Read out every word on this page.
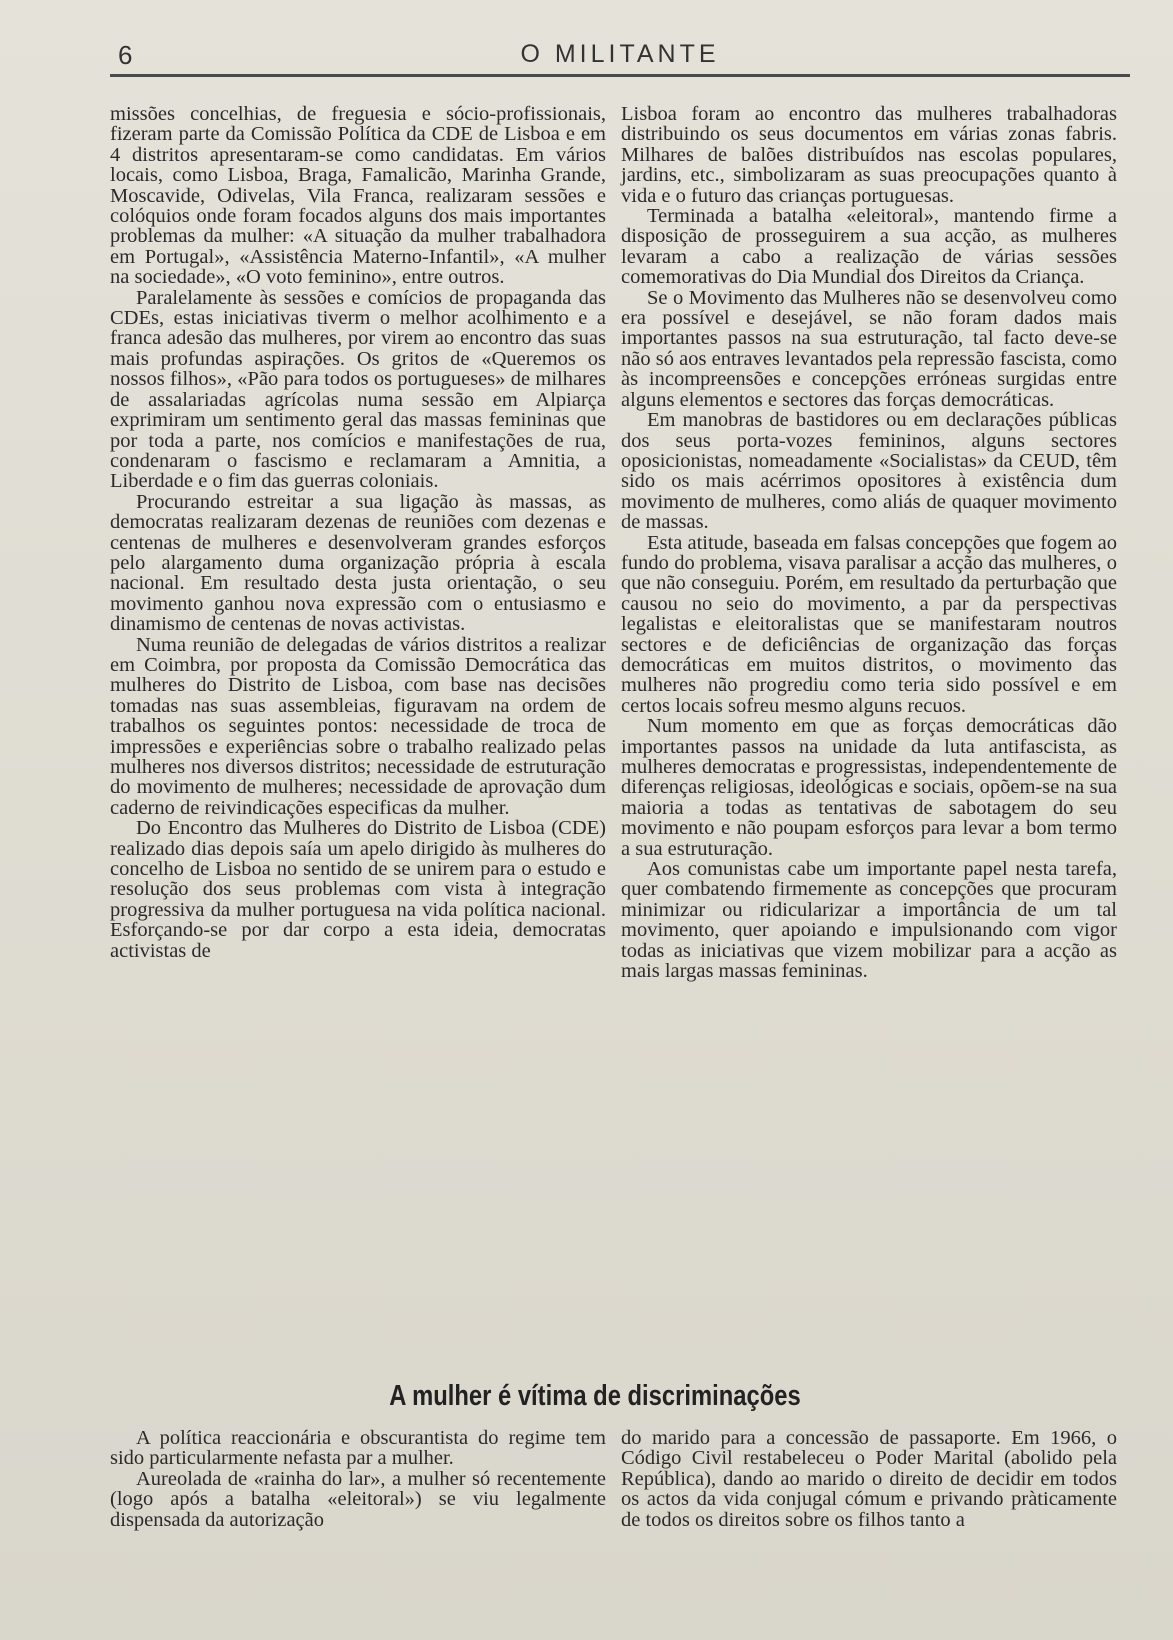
6	O MILITANTE

missões concelhias, de freguesia e sócio-profissionais, fizeram parte da Comissão Política da CDE de Lisboa e em 4 distritos apresentaram-se como candidatas. Em vários locais, como Lisboa, Braga, Famalicão, Marinha Grande, Moscavide, Odivelas, Vila Franca, realizaram sessões e colóquios onde foram focados alguns dos mais importantes problemas da mulher: «A situação da mulher trabalhadora em Portugal», «Assistência Materno-Infantil», «A mulher na sociedade», «O voto feminino», entre outros.

Paralelamente às sessões e comícios de propaganda das CDEs, estas iniciativas tiverm o melhor acolhimento e a franca adesão das mulheres, por virem ao encontro das suas mais profundas aspirações. Os gritos de «Queremos os nossos filhos», «Pão para todos os portugueses» de milhares de assalariadas agrícolas numa sessão em Alpiarça exprimiram um sentimento geral das massas femininas que por toda a parte, nos comícios e manifestações de rua, condenaram o fascismo e reclamaram a Amnitia, a Liberdade e o fim das guerras coloniais.

Procurando estreitar a sua ligação às massas, as democratas realizaram dezenas de reuniões com dezenas e centenas de mulheres e desenvolveram grandes esforços pelo alargamento duma organização própria à escala nacional. Em resultado desta justa orientação, o seu movimento ganhou nova expressão com o entusiasmo e dinamismo de centenas de novas activistas.

Numa reunião de delegadas de vários distritos a realizar em Coimbra, por proposta da Comissão Democrática das mulheres do Distrito de Lisboa, com base nas decisões tomadas nas suas assembleias, figuravam na ordem de trabalhos os seguintes pontos: necessidade de troca de impressões e experiências sobre o trabalho realizado pelas mulheres nos diversos distritos; necessidade de estruturação do movimento de mulheres; necessidade de aprovação dum caderno de reivindicações especificas da mulher.

Do Encontro das Mulheres do Distrito de Lisboa (CDE) realizado dias depois saía um apelo dirigido às mulheres do concelho de Lisboa no sentido de se unirem para o estudo e resolução dos seus problemas com vista à integração progressiva da mulher portuguesa na vida política nacional. Esforçando-se por dar corpo a esta ideia, democratas activistas de

Lisboa foram ao encontro das mulheres trabalhadoras distribuindo os seus documentos em várias zonas fabris. Milhares de balões distribuídos nas escolas populares, jardins, etc., simbolizaram as suas preocupações quanto à vida e o futuro das crianças portuguesas.

Terminada a batalha «eleitoral», mantendo firme a disposição de prosseguirem a sua acção, as mulheres levaram a cabo a realização de várias sessões comemorativas do Dia Mundial dos Direitos da Criança.

Se o Movimento das Mulheres não se desenvolveu como era possível e desejável, se não foram dados mais importantes passos na sua estruturação, tal facto deve-se não só aos entraves levantados pela repressão fascista, como às incompreensões e concepções erróneas surgidas entre alguns elementos e sectores das forças democráticas.

Em manobras de bastidores ou em declarações públicas dos seus porta-vozes femininos, alguns sectores oposicionistas, nomeadamente «Socialistas» da CEUD, têm sido os mais acérrimos opositores à existência dum movimento de mulheres, como aliás de quaquer movimento de massas.

Esta atitude, baseada em falsas concepções que fogem ao fundo do problema, visava paralisar a acção das mulheres, o que não conseguiu. Porém, em resultado da perturbação que causou no seio do movimento, a par da perspectivas legalistas e eleitoralistas que se manifestaram noutros sectores e de deficiências de organização das forças democráticas em muitos distritos, o movimento das mulheres não progrediu como teria sido possível e em certos locais sofreu mesmo alguns recuos.

Num momento em que as forças democráticas dão importantes passos na unidade da luta antifascista, as mulheres democratas e progressistas, independentemente de diferenças religiosas, ideológicas e sociais, opõem-se na sua maioria a todas as tentativas de sabotagem do seu movimento e não poupam esforços para levar a bom termo a sua estruturação.

Aos comunistas cabe um importante papel nesta tarefa, quer combatendo firmemente as concepções que procuram minimizar ou ridicularizar a importância de um tal movimento, quer apoiando e impulsionando com vigor todas as iniciativas que vizem mobilizar para a acção as mais largas massas femininas.

A mulher é vítima de discriminações

A política reaccionária e obscurantista do regime tem sido particularmente nefasta par a mulher.

Aureolada de «rainha do lar», a mulher só recentemente (logo após a batalha «eleitoral») se viu legalmente dispensada da autorização

do marido para a concessão de passaporte. Em 1966, o Código Civil restabeleceu o Poder Marital (abolido pela República), dando ao marido o direito de decidir em todos os actos da vida conjugal cómum e privando pràticamente de todos os direitos sobre os filhos tanto a
